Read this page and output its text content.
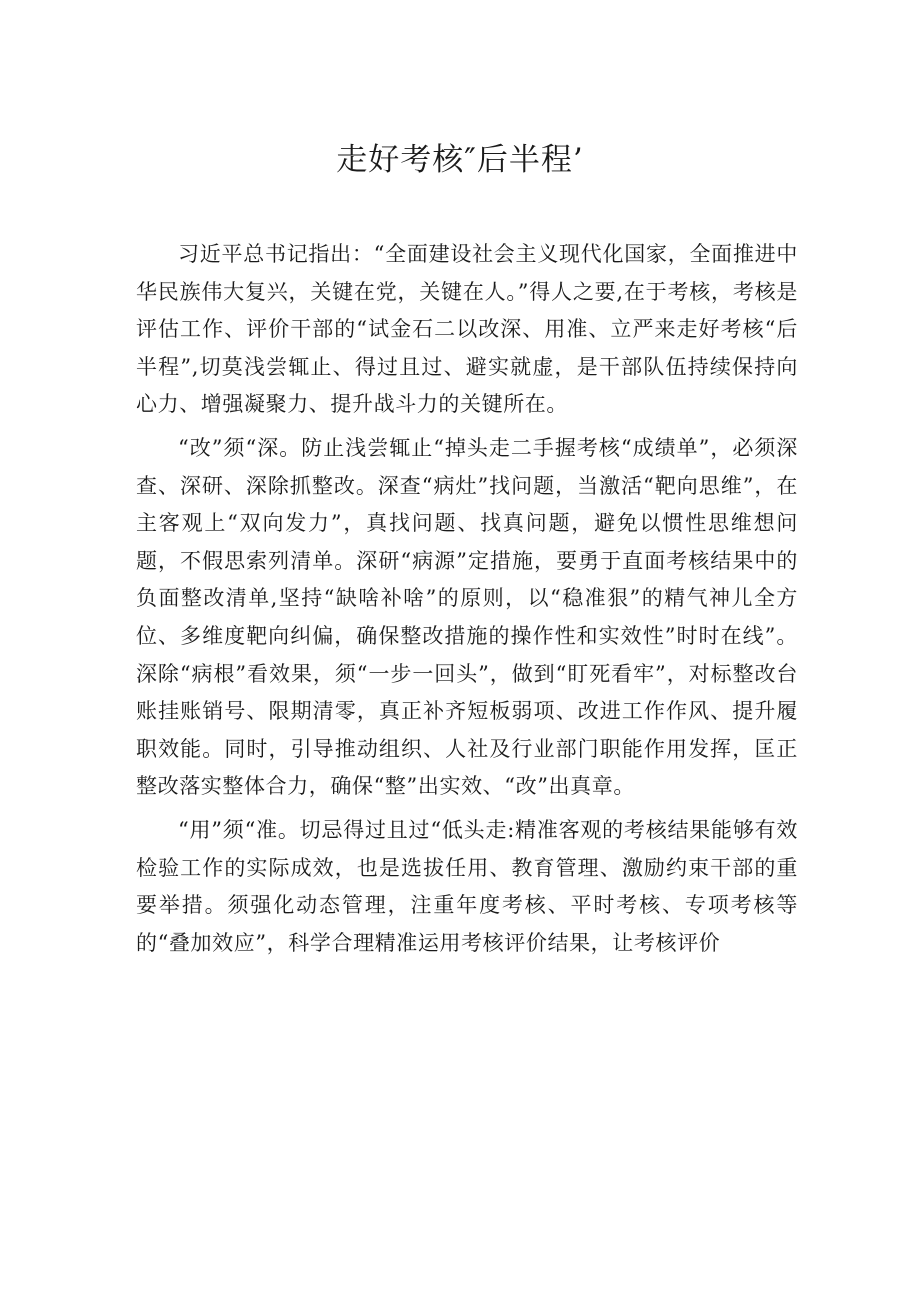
走好考核″后半程’

习近平总书记指出：“全面建设社会主义现代化国家，全面推进中华民族伟大复兴，关键在党，关键在人。”得人之要,在于考核，考核是评估工作、评价干部的“试金石二以改深、用准、立严来走好考核“后半程”,切莫浅尝辄止、得过且过、避实就虚，是干部队伍持续保持向心力、增强凝聚力、提升战斗力的关键所在。

“改”须“深。防止浅尝辄止“掉头走二手握考核“成绩单”，必须深查、深研、深除抓整改。深查“病灶”找问题，当激活“靶向思维”，在主客观上“双向发力”，真找问题、找真问题，避免以惯性思维想问题，不假思索列清单。深研“病源”定措施，要勇于直面考核结果中的负面整改清单,坚持“缺啥补啥”的原则，以“稳准狠”的精气神儿全方位、多维度靶向纠偏，确保整改措施的操作性和实效性”时时在线”。深除“病根”看效果，须“一步一回头”，做到“盯死看牢”，对标整改台账挂账销号、限期清零，真正补齐短板弱项、改进工作作风、提升履职效能。同时，引导推动组织、人社及行业部门职能作用发挥，匡正整改落实整体合力，确保“整”出实效、“改”出真章。

“用”须“准。切忌得过且过“低头走:精准客观的考核结果能够有效检验工作的实际成效，也是选拔任用、教育管理、激励约束干部的重要举措。须强化动态管理，注重年度考核、平时考核、专项考核等的“叠加效应”，科学合理精准运用考核评价结果，让考核评价
